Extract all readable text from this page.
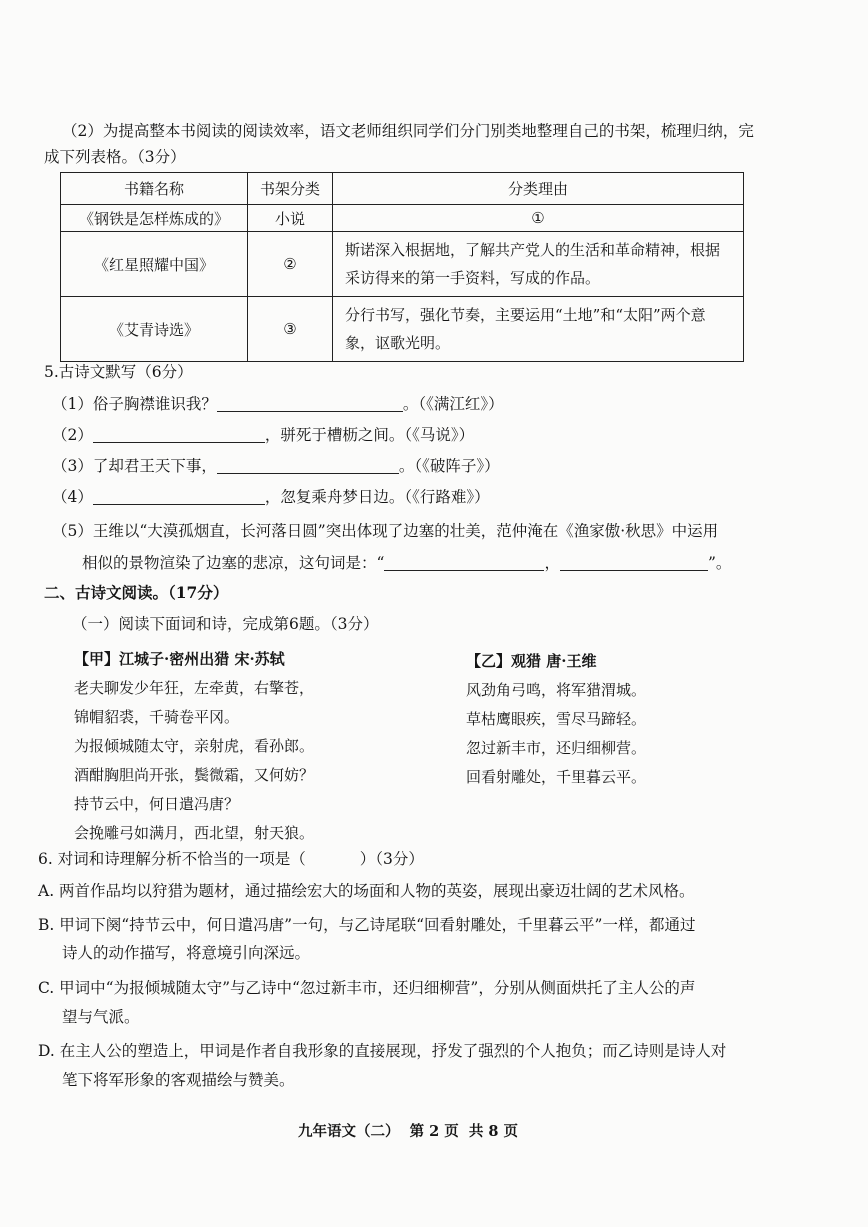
（2）为提高整本书阅读的阅读效率，语文老师组织同学们分门别类地整理自己的书架，梳理归纳，完
成下列表格。（3分）
书籍名称	书架分类	分类理由
《钢铁是怎样炼成的》	小说	①
《红星照耀中国》	②	斯诺深入根据地，了解共产党人的生活和革命精神，根据采访得来的第一手资料，写成的作品。
《艾青诗选》	③	分行书写，强化节奏，主要运用“土地”和“太阳”两个意象，讴歌光明。
5.古诗文默写（6分）
（1）俗子胸襟谁识我？	。（《满江红》）
（2）	，骈死于槽枥之间。（《马说》）
（3）了却君王天下事，	。（《破阵子》）
（4）	，忽复乘舟梦日边。（《行路难》）
（5）王维以“大漠孤烟直，长河落日圆”突出体现了边塞的壮美，范仲淹在《渔家傲·秋思》中运用
相似的景物渲染了边塞的悲凉，这句词是：“	，	”。
二、古诗文阅读。（17分）
（一）阅读下面词和诗，完成第6题。（3分）
【甲】江城子·密州出猎 宋·苏轼
老夫聊发少年狂，左牵黄，右擎苍，
锦帽貂裘，千骑卷平冈。
为报倾城随太守，亲射虎，看孙郎。
酒酣胸胆尚开张，鬓微霜，又何妨？
持节云中，何日遣冯唐？
会挽雕弓如满月，西北望，射天狼。
【乙】观猎 唐·王维
风劲角弓鸣，将军猎渭城。
草枯鹰眼疾，雪尽马蹄轻。
忽过新丰市，还归细柳营。
回看射雕处，千里暮云平。
6. 对词和诗理解分析不恰当的一项是（	）（3分）
A. 两首作品均以狩猎为题材，通过描绘宏大的场面和人物的英姿，展现出豪迈壮阔的艺术风格。
B. 甲词下阕“持节云中，何日遣冯唐”一句，与乙诗尾联“回看射雕处，千里暮云平”一样，都通过
诗人的动作描写，将意境引向深远。
C. 甲词中“为报倾城随太守”与乙诗中“忽过新丰市，还归细柳营”，分别从侧面烘托了主人公的声
望与气派。
D. 在主人公的塑造上，甲词是作者自我形象的直接展现，抒发了强烈的个人抱负；而乙诗则是诗人对
笔下将军形象的客观描绘与赞美。
九年语文（二）  第 2 页  共 8 页
